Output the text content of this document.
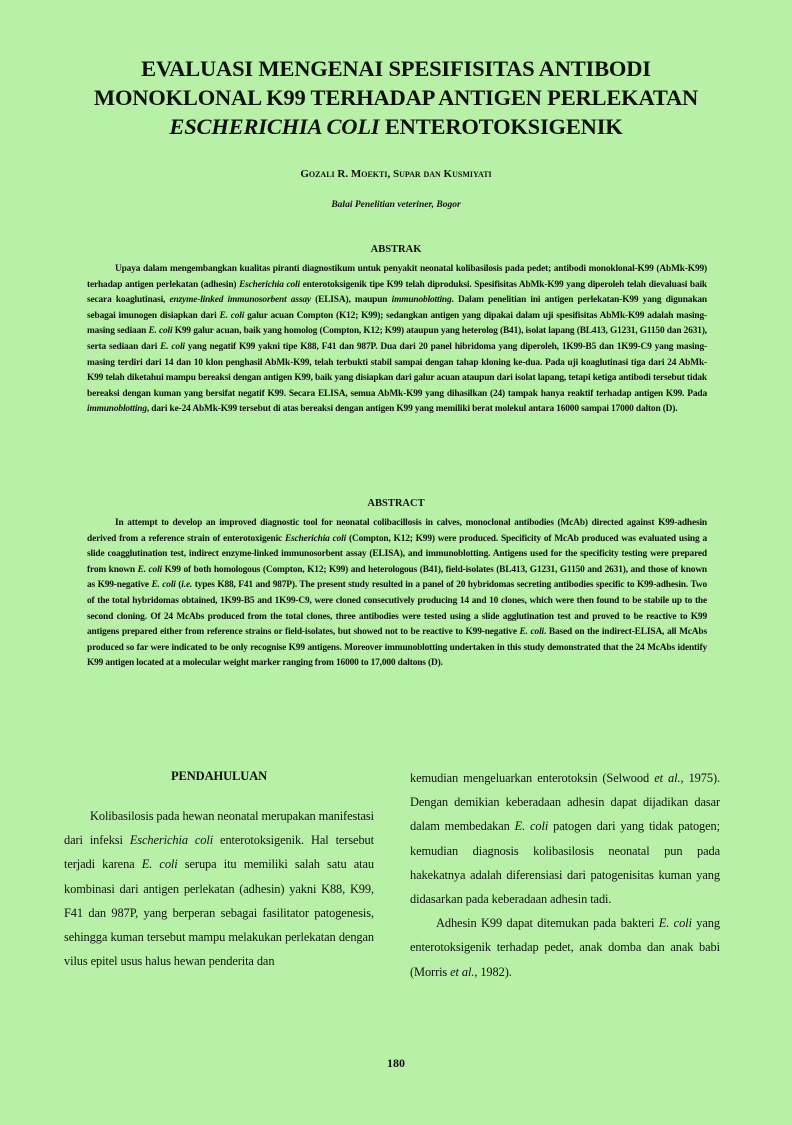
EVALUASI MENGENAI SPESIFISITAS ANTIBODI
MONOKLONAL K99 TERHADAP ANTIGEN PERLEKATAN
ESCHERICHIA COLI ENTEROTOKSIGENIK
Gozali R. Moekti, Supar dan Kusmiyati
Balai Penelitian veteriner, Bogor
ABSTRAK
Upaya dalam mengembangkan kualitas piranti diagnostikum untuk penyakit neonatal kolibasilosis pada pedet; antibodi monoklonal-K99 (AbMk-K99) terhadap antigen perlekatan (adhesin) Escherichia coli enterotoksigenik tipe K99 telah diproduksi. Spesifisitas AbMk-K99 yang diperoleh telah dievaluasi baik secara koaglutinasi, enzyme-linked immunosorbent assay (ELISA), maupun immunoblotting. Dalam penelitian ini antigen perlekatan-K99 yang digunakan sebagai imunogen disiapkan dari E. coli galur acuan Compton (K12; K99); sedangkan antigen yang dipakai dalam uji spesifisitas AbMk-K99 adalah masing-masing sediaan E. coli K99 galur acuan, baik yang homolog (Compton, K12; K99) ataupun yang heterolog (B41), isolat lapang (BL413, G1231, G1150 dan 2631), serta sediaan dari E. coli yang negatif K99 yakni tipe K88, F41 dan 987P. Dua dari 20 panel hibridoma yang diperoleh, 1K99-B5 dan 1K99-C9 yang masing-masing terdiri dari 14 dan 10 klon penghasil AbMk-K99, telah terbukti stabil sampai dengan tahap kloning ke-dua. Pada uji koaglutinasi tiga dari 24 AbMk-K99 telah diketahui mampu bereaksi dengan antigen K99, baik yang disiapkan dari galur acuan ataupun dari isolat lapang, tetapi ketiga antibodi tersebut tidak bereaksi dengan kuman yang bersifat negatif K99. Secara ELISA, semua AbMk-K99 yang dihasilkan (24) tampak hanya reaktif terhadap antigen K99. Pada immunoblotting, dari ke-24 AbMk-K99 tersebut di atas bereaksi dengan antigen K99 yang memiliki berat molekul antara 16000 sampai 17000 dalton (D).
ABSTRACT
In attempt to develop an improved diagnostic tool for neonatal colibacillosis in calves, monoclonal antibodies (McAb) directed against K99-adhesin derived from a reference strain of enterotoxigenic Escherichia coli (Compton, K12; K99) were produced. Specificity of McAb produced was evaluated using a slide coagglutination test, indirect enzyme-linked immunosorbent assay (ELISA), and immunoblotting. Antigens used for the specificity testing were prepared from known E. coli K99 of both homologous (Compton, K12; K99) and heterologous (B41), field-isolates (BL413, G1231, G1150 and 2631), and those of known as K99-negative E. coli (i.e. types K88, F41 and 987P). The present study resulted in a panel of 20 hybridomas secreting antibodies specific to K99-adhesin. Two of the total hybridomas obtained, 1K99-B5 and 1K99-C9, were cloned consecutively producing 14 and 10 clones, which were then found to be stabile up to the second cloning. Of 24 McAbs produced from the total clones, three antibodies were tested using a slide agglutination test and proved to be reactive to K99 antigens prepared either from reference strains or field-isolates, but showed not to be reactive to K99-negative E. coli. Based on the indirect-ELISA, all McAbs produced so far were indicated to be only recognise K99 antigens. Moreover immunoblotting undertaken in this study demonstrated that the 24 McAbs identify K99 antigen located at a molecular weight marker ranging from 16000 to 17,000 daltons (D).
PENDAHULUAN

Kolibasilosis pada hewan neonatal merupakan manifestasi dari infeksi Escherichia coli enterotoksigenik. Hal tersebut terjadi karena E. coli serupa itu memiliki salah satu atau kombinasi dari antigen perlekatan (adhesin) yakni K88, K99, F41 dan 987P, yang berperan sebagai fasilitator patogenesis, sehingga kuman tersebut mampu melakukan perlekatan dengan vilus epitel usus halus hewan penderita dan

kemudian mengeluarkan enterotoksin (Selwood et al., 1975). Dengan demikian keberadaan adhesin dapat dijadikan dasar dalam membedakan E. coli patogen dari yang tidak patogen; kemudian diagnosis kolibasilosis neonatal pun pada hakekatnya adalah diferensiasi dari patogenisitas kuman yang didasarkan pada keberadaan adhesin tadi.

Adhesin K99 dapat ditemukan pada bakteri E. coli yang enterotoksigenik terhadap pedet, anak domba dan anak babi (Morris et al., 1982).

180
